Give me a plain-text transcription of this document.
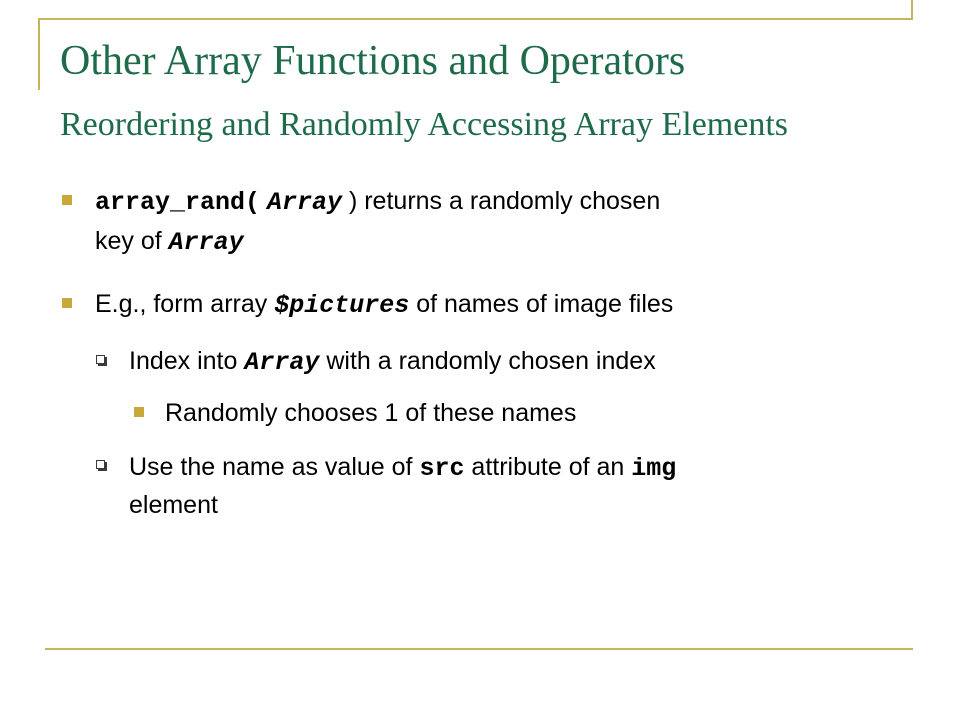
Other Array Functions and Operators
Reordering and Randomly Accessing Array Elements
array_rand( Array ) returns a randomly chosen
key of Array
E.g., form array $pictures of names of image files
Index into Array with a randomly chosen index
Randomly chooses 1 of these names
Use the name as value of src attribute of an img
element
